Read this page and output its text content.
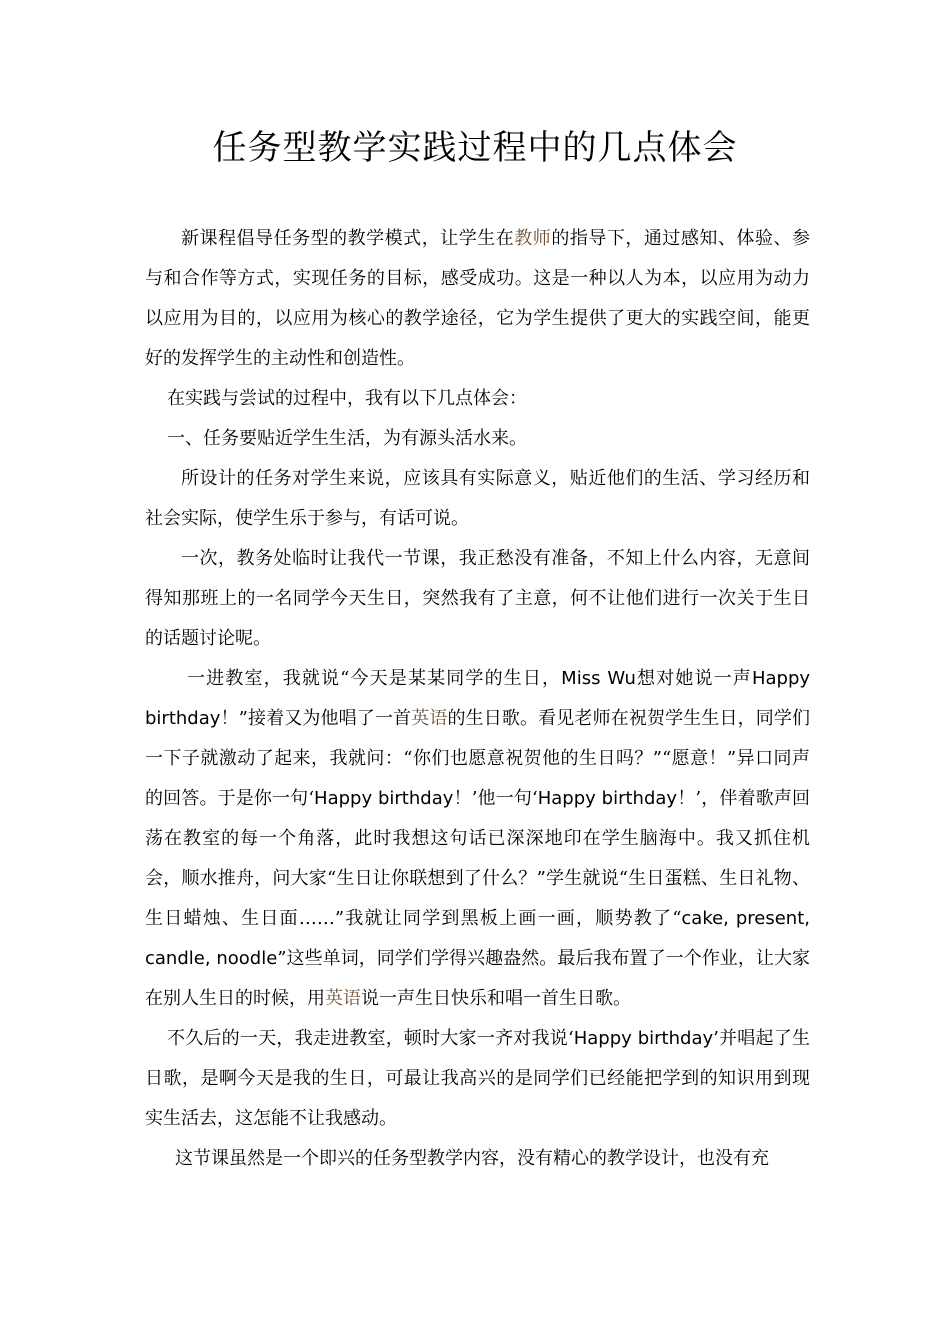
任务型教学实践过程中的几点体会

新课程倡导任务型的教学模式，让学生在教师的指导下，通过感知、体验、参与和合作等方式，实现任务的目标，感受成功。这是一种以人为本，以应用为动力以应用为目的，以应用为核心的教学途径，它为学生提供了更大的实践空间，能更好的发挥学生的主动性和创造性。

在实践与尝试的过程中，我有以下几点体会：

一、任务要贴近学生生活，为有源头活水来。

所设计的任务对学生来说，应该具有实际意义，贴近他们的生活、学习经历和社会实际，使学生乐于参与，有话可说。

一次，教务处临时让我代一节课，我正愁没有准备，不知上什么内容，无意间得知那班上的一名同学今天生日，突然我有了主意，何不让他们进行一次关于生日的话题讨论呢。

一进教室，我就说“今天是某某同学的生日，Miss Wu想对她说一声Happy birthday！”接着又为他唱了一首英语的生日歌。看见老师在祝贺学生生日，同学们一下子就激动了起来，我就问：“你们也愿意祝贺他的生日吗？”“愿意！”异口同声的回答。于是你一句‘Happy birthday！’他一句‘Happy birthday！’，伴着歌声回荡在教室的每一个角落，此时我想这句话已深深地印在学生脑海中。我又抓住机会，顺水推舟，问大家“生日让你联想到了什么？”学生就说“生日蛋糕、生日礼物、生日蜡烛、生日面……”我就让同学到黑板上画一画，顺势教了“cake, present, candle, noodle”这些单词，同学们学得兴趣盎然。最后我布置了一个作业，让大家在别人生日的时候，用英语说一声生日快乐和唱一首生日歌。

不久后的一天，我走进教室，顿时大家一齐对我说‘Happy birthday’并唱起了生日歌，是啊今天是我的生日，可最让我高兴的是同学们已经能把学到的知识用到现实生活去，这怎能不让我感动。

这节课虽然是一个即兴的任务型教学内容，没有精心的教学设计，也没有充
